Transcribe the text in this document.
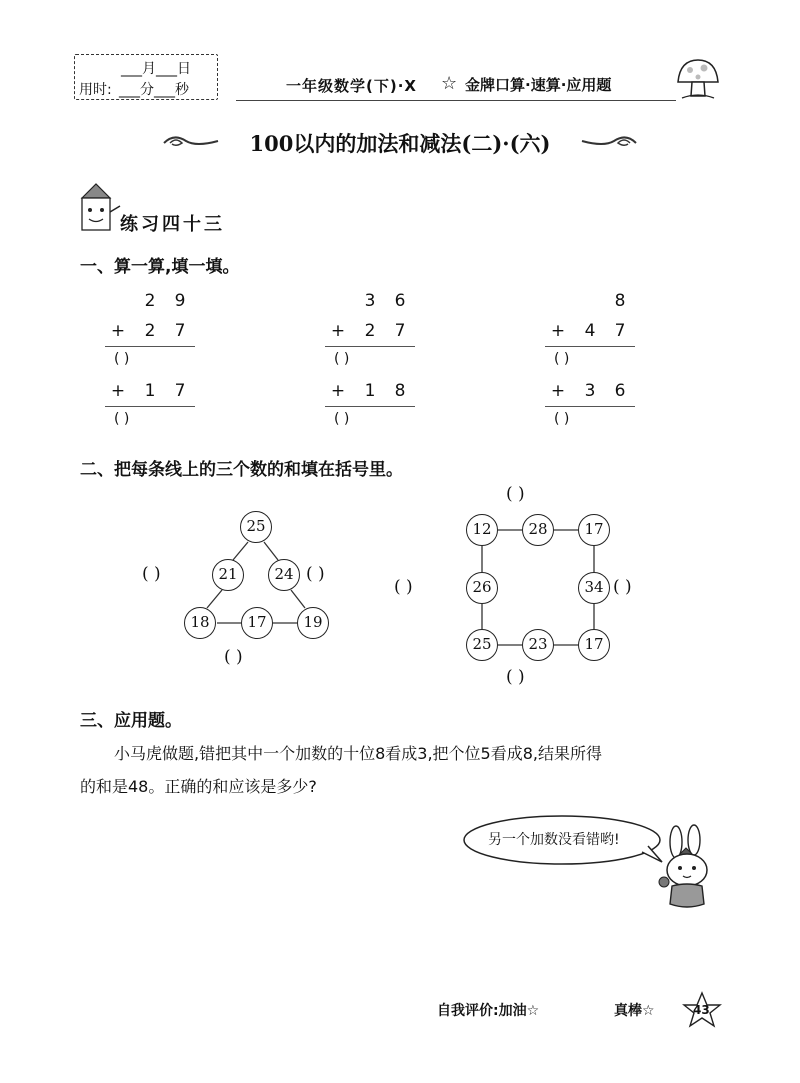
___月___日
用时: ___分___秒	一年级数学(下)·X ☆ 金牌口算·速算·应用题
100以内的加法和减法(二)·(六)
练习四十三
一、算一算,填一填。
2 9
+ 2 7
( )
+ 1 7
( )
3 6
+ 2 7
( )
+ 1 8
( )
8
+ 4 7
( )
+ 3 6
( )
二、把每条线上的三个数的和填在括号里。
25
21	24
18	17	19
( )	( )
( )
12	28	17
26	34
25	23	17
( )
( )	( )
( )
三、应用题。
小马虎做题,错把其中一个加数的十位8看成3,把个位5看成8,结果所得
的和是48。正确的和应该是多少?
另一个加数没看错哟!
自我评价:加油☆	真棒☆	43
